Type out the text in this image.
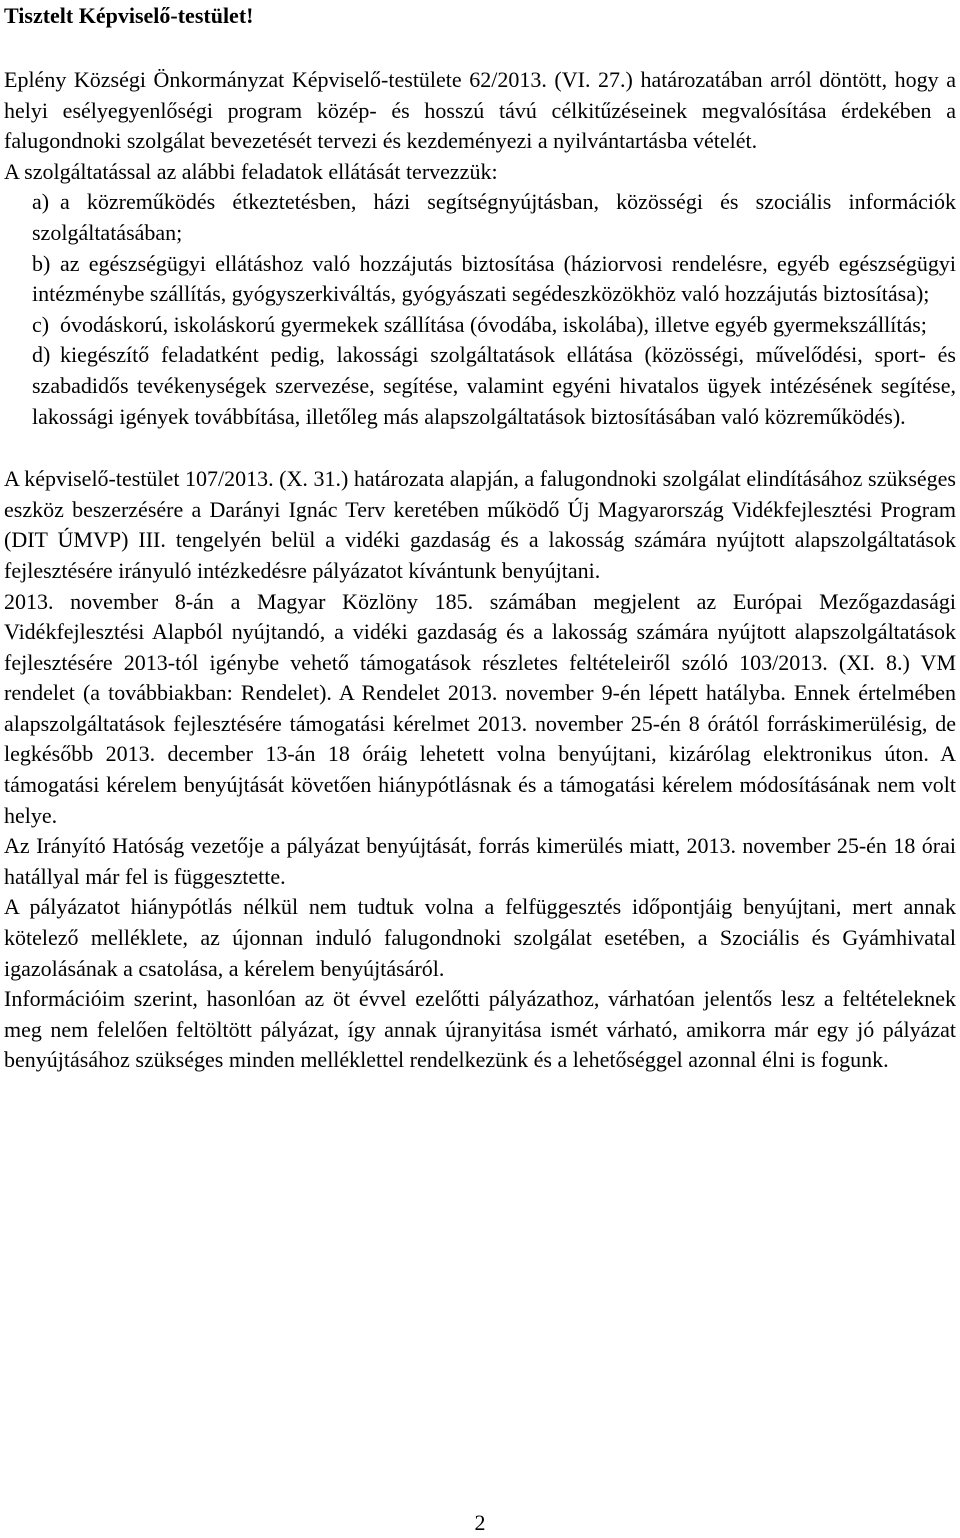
Tisztelt Képviselő-testület!

Eplény Községi Önkormányzat Képviselő-testülete 62/2013. (VI. 27.) határozatában arról döntött, hogy a helyi esélyegyenlőségi program közép- és hosszú távú célkitűzéseinek megvalósítása érdekében a falugondnoki szolgálat bevezetését tervezi és kezdeményezi a nyilvántartásba vételét.

A szolgáltatással az alábbi feladatok ellátását tervezzük:

a) a közreműködés étkeztetésben, házi segítségnyújtásban, közösségi és szociális információk szolgáltatásában;
b) az egészségügyi ellátáshoz való hozzájutás biztosítása (háziorvosi rendelésre, egyéb egészségügyi intézménybe szállítás, gyógyszerkiváltás, gyógyászati segédeszközökhöz való hozzájutás biztosítása);
c) óvodáskorú, iskoláskorú gyermekek szállítása (óvodába, iskolába), illetve egyéb gyermekszállítás;
d) kiegészítő feladatként pedig, lakossági szolgáltatások ellátása (közösségi, művelődési, sport- és szabadidős tevékenységek szervezése, segítése, valamint egyéni hivatalos ügyek intézésének segítése, lakossági igények továbbítása, illetőleg más alapszolgáltatások biztosításában való közreműködés).

A képviselő-testület 107/2013. (X. 31.) határozata alapján, a falugondnoki szolgálat elindításához szükséges eszköz beszerzésére a Darányi Ignác Terv keretében működő Új Magyarország Vidékfejlesztési Program (DIT ÚMVP) III. tengelyén belül a vidéki gazdaság és a lakosság számára nyújtott alapszolgáltatások fejlesztésére irányuló intézkedésre pályázatot kívántunk benyújtani.

2013. november 8-án a Magyar Közlöny 185. számában megjelent az Európai Mezőgazdasági Vidékfejlesztési Alapból nyújtandó, a vidéki gazdaság és a lakosság számára nyújtott alapszolgáltatások fejlesztésére 2013-tól igénybe vehető támogatások részletes feltételeiről szóló 103/2013. (XI. 8.) VM rendelet (a továbbiakban: Rendelet). A Rendelet 2013. november 9-én lépett hatályba. Ennek értelmében alapszolgáltatások fejlesztésére támogatási kérelmet 2013. november 25-én 8 órától forráskimerülésig, de legkésőbb 2013. december 13-án 18 óráig lehetett volna benyújtani, kizárólag elektronikus úton. A támogatási kérelem benyújtását követően hiánypótlásnak és a támogatási kérelem módosításának nem volt helye.

Az Irányító Hatóság vezetője a pályázat benyújtását, forrás kimerülés miatt, 2013. november 25-én 18 órai hatállyal már fel is függesztette.

A pályázatot hiánypótlás nélkül nem tudtuk volna a felfüggesztés időpontjáig benyújtani, mert annak kötelező melléklete, az újonnan induló falugondnoki szolgálat esetében, a Szociális és Gyámhivatal igazolásának a csatolása, a kérelem benyújtásáról.

Információim szerint, hasonlóan az öt évvel ezelőtti pályázathoz, várhatóan jelentős lesz a feltételeknek meg nem felelően feltöltött pályázat, így annak újranyitása ismét várható, amikorra már egy jó pályázat benyújtásához szükséges minden melléklettel rendelkezünk és a lehetőséggel azonnal élni is fogunk.

2
